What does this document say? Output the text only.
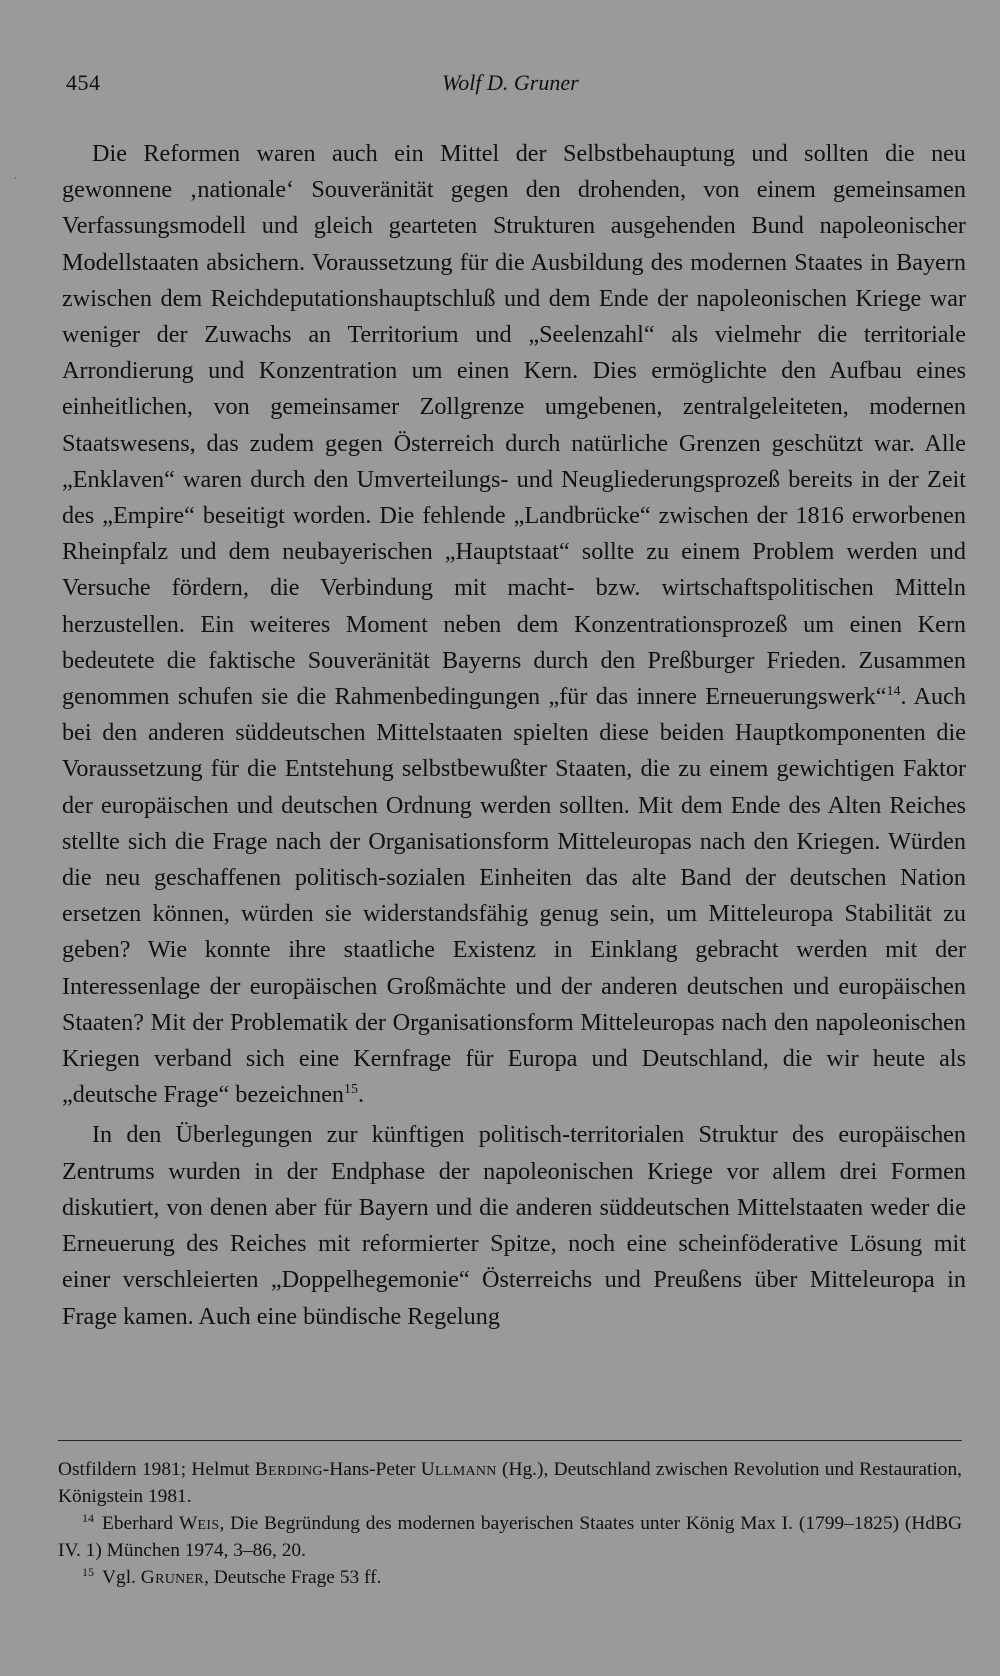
454	Wolf D. Gruner
`

Die Reformen waren auch ein Mittel der Selbstbehauptung und sollten die neu gewonnene ‚nationale‘ Souveränität gegen den drohenden, von einem gemeinsamen Verfassungsmodell und gleich gearteten Strukturen ausgehenden Bund napoleonischer Modellstaaten absichern. Voraussetzung für die Ausbildung des modernen Staates in Bayern zwischen dem Reichdeputationshauptschluß und dem Ende der napoleonischen Kriege war weniger der Zuwachs an Territorium und „Seelenzahl“ als vielmehr die territoriale Arrondierung und Konzentration um einen Kern. Dies ermöglichte den Aufbau eines einheitlichen, von gemeinsamer Zollgrenze umgebenen, zentralgeleiteten, modernen Staatswesens, das zudem gegen Österreich durch natürliche Grenzen geschützt war. Alle „Enklaven“ waren durch den Umverteilungs- und Neugliederungsprozeß bereits in der Zeit des „Empire“ beseitigt worden. Die fehlende „Landbrücke“ zwischen der 1816 erworbenen Rheinpfalz und dem neubayerischen „Hauptstaat“ sollte zu einem Problem werden und Versuche fördern, die Verbindung mit macht- bzw. wirtschaftspolitischen Mitteln herzustellen. Ein weiteres Moment neben dem Konzentrationsprozeß um einen Kern bedeutete die faktische Souveränität Bayerns durch den Preßburger Frieden. Zusammen genommen schufen sie die Rahmenbedingungen „für das innere Erneuerungswerk“$^{14}$. Auch bei den anderen süddeutschen Mittelstaaten spielten diese beiden Hauptkomponenten die Voraussetzung für die Entstehung selbstbewußter Staaten, die zu einem gewichtigen Faktor der europäischen und deutschen Ordnung werden sollten. Mit dem Ende des Alten Reiches stellte sich die Frage nach der Organisationsform Mitteleuropas nach den Kriegen. Würden die neu geschaffenen politisch-sozialen Einheiten das alte Band der deutschen Nation ersetzen können, würden sie widerstandsfähig genug sein, um Mitteleuropa Stabilität zu geben? Wie konnte ihre staatliche Existenz in Einklang gebracht werden mit der Interessenlage der europäischen Großmächte und der anderen deutschen und europäischen Staaten? Mit der Problematik der Organisationsform Mitteleuropas nach den napoleonischen Kriegen verband sich eine Kernfrage für Europa und Deutschland, die wir heute als „deutsche Frage“ bezeichnen$^{15}$.

In den Überlegungen zur künftigen politisch-territorialen Struktur des europäischen Zentrums wurden in der Endphase der napoleonischen Kriege vor allem drei Formen diskutiert, von denen aber für Bayern und die anderen süddeutschen Mittelstaaten weder die Erneuerung des Reiches mit reformierter Spitze, noch eine scheinföderative Lösung mit einer verschleierten „Doppelhegemonie“ Österreichs und Preußens über Mitteleuropa in Frage kamen. Auch eine bündische Regelung

Ostfildern 1981; Helmut Berding-Hans-Peter Ullmann (Hg.), Deutschland zwischen Revolution und Restauration, Königstein 1981.

$^{14}$ Eberhard Weis, Die Begründung des modernen bayerischen Staates unter König Max I. (1799–1825) (HdBG IV. 1) München 1974, 3–86, 20.

$^{15}$ Vgl. Gruner, Deutsche Frage 53 ff.
